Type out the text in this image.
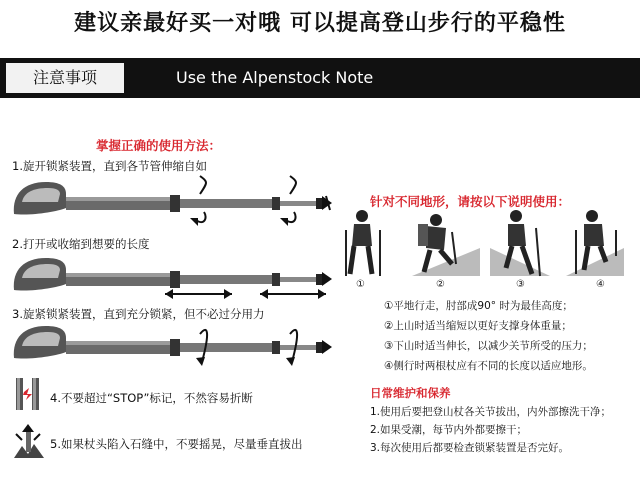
建议亲最好买一对哦 可以提高登山步行的平稳性
注意事项	Use the Alpenstock Note
掌握正确的使用方法：
1.旋开锁紧装置，直到各节管伸缩自如
2.打开或收缩到想要的长度
3.旋紧锁紧装置，直到充分锁紧，但不必过分用力
4.不要超过“STOP”标记，不然容易折断
5.如果杖头陷入石缝中，不要摇晃，尽量垂直拔出
针对不同地形，请按以下说明使用：
①	②	③	④
①平地行走，肘部成90° 时为最佳高度；
②上山时适当缩短以更好支撑身体重量；
③下山时适当伸长，以减少关节所受的压力；
④侧行时两根杖应有不同的长度以适应地形。
日常维护和保养
1.使用后要把登山杖各关节拔出，内外部擦洗干净；
2.如果受潮，每节内外都要擦干；
3.每次使用后都要检查锁紧装置是否完好。
